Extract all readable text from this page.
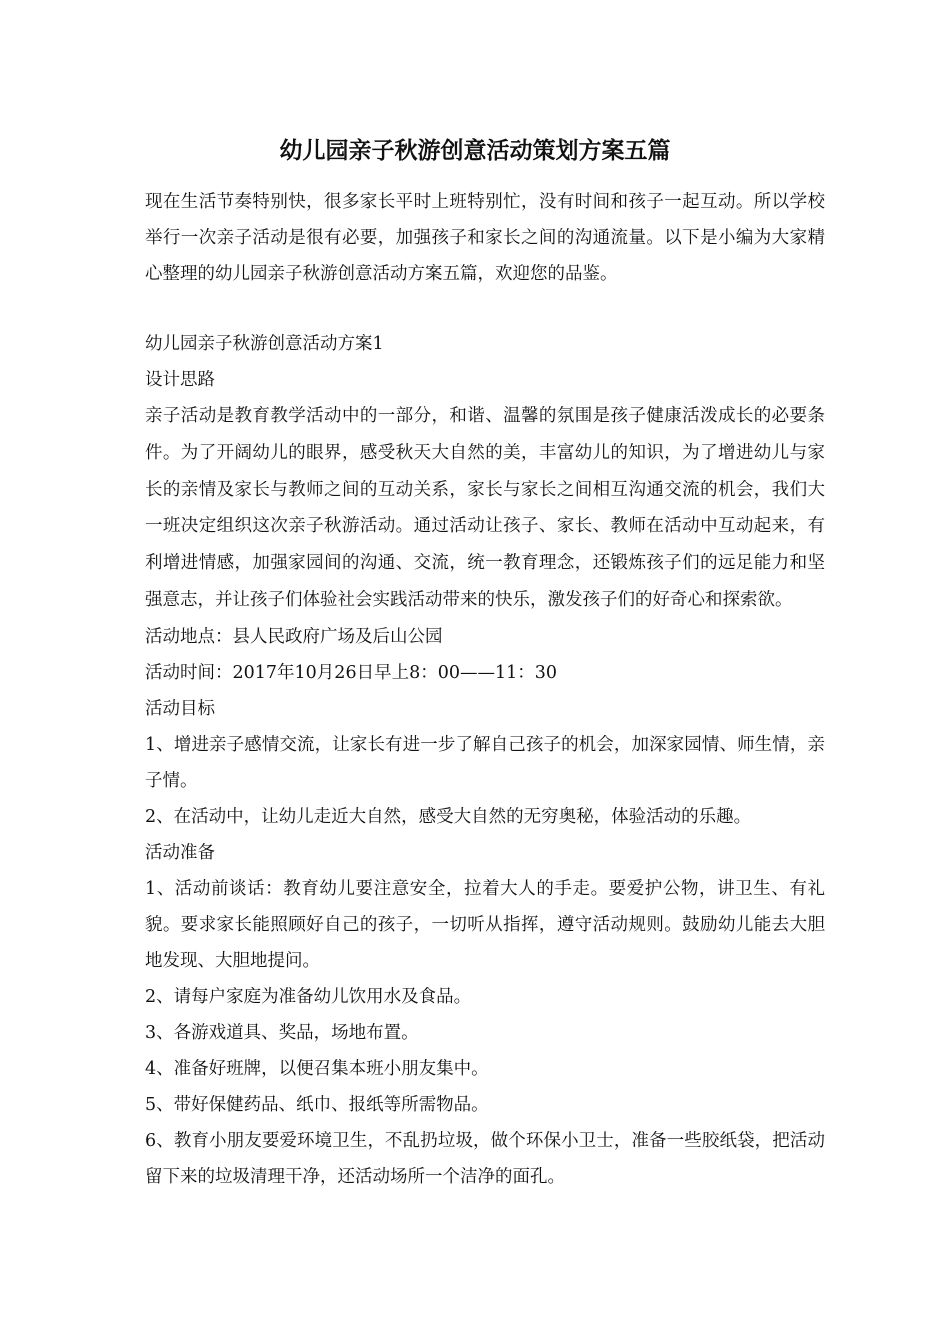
幼儿园亲子秋游创意活动策划方案五篇

现在生活节奏特别快，很多家长平时上班特别忙，没有时间和孩子一起互动。所以学校举行一次亲子活动是很有必要，加强孩子和家长之间的沟通流量。以下是小编为大家精心整理的幼儿园亲子秋游创意活动方案五篇，欢迎您的品鉴。

幼儿园亲子秋游创意活动方案1

设计思路

亲子活动是教育教学活动中的一部分，和谐、温馨的氛围是孩子健康活泼成长的必要条件。为了开阔幼儿的眼界，感受秋天大自然的美，丰富幼儿的知识，为了增进幼儿与家长的亲情及家长与教师之间的互动关系，家长与家长之间相互沟通交流的机会，我们大一班决定组织这次亲子秋游活动。通过活动让孩子、家长、教师在活动中互动起来，有利增进情感，加强家园间的沟通、交流，统一教育理念，还锻炼孩子们的远足能力和坚强意志，并让孩子们体验社会实践活动带来的快乐，激发孩子们的好奇心和探索欲。

活动地点：县人民政府广场及后山公园

活动时间：2017年10月26日早上8：00——11：30

活动目标

1、增进亲子感情交流，让家长有进一步了解自己孩子的机会，加深家园情、师生情，亲子情。

2、在活动中，让幼儿走近大自然，感受大自然的无穷奥秘，体验活动的乐趣。

活动准备

1、活动前谈话：教育幼儿要注意安全，拉着大人的手走。要爱护公物，讲卫生、有礼貌。要求家长能照顾好自己的孩子，一切听从指挥，遵守活动规则。鼓励幼儿能去大胆地发现、大胆地提问。

2、请每户家庭为准备幼儿饮用水及食品。

3、各游戏道具、奖品，场地布置。

4、准备好班牌，以便召集本班小朋友集中。

5、带好保健药品、纸巾、报纸等所需物品。

6、教育小朋友要爱环境卫生，不乱扔垃圾，做个环保小卫士，准备一些胶纸袋，把活动留下来的垃圾清理干净，还活动场所一个洁净的面孔。
